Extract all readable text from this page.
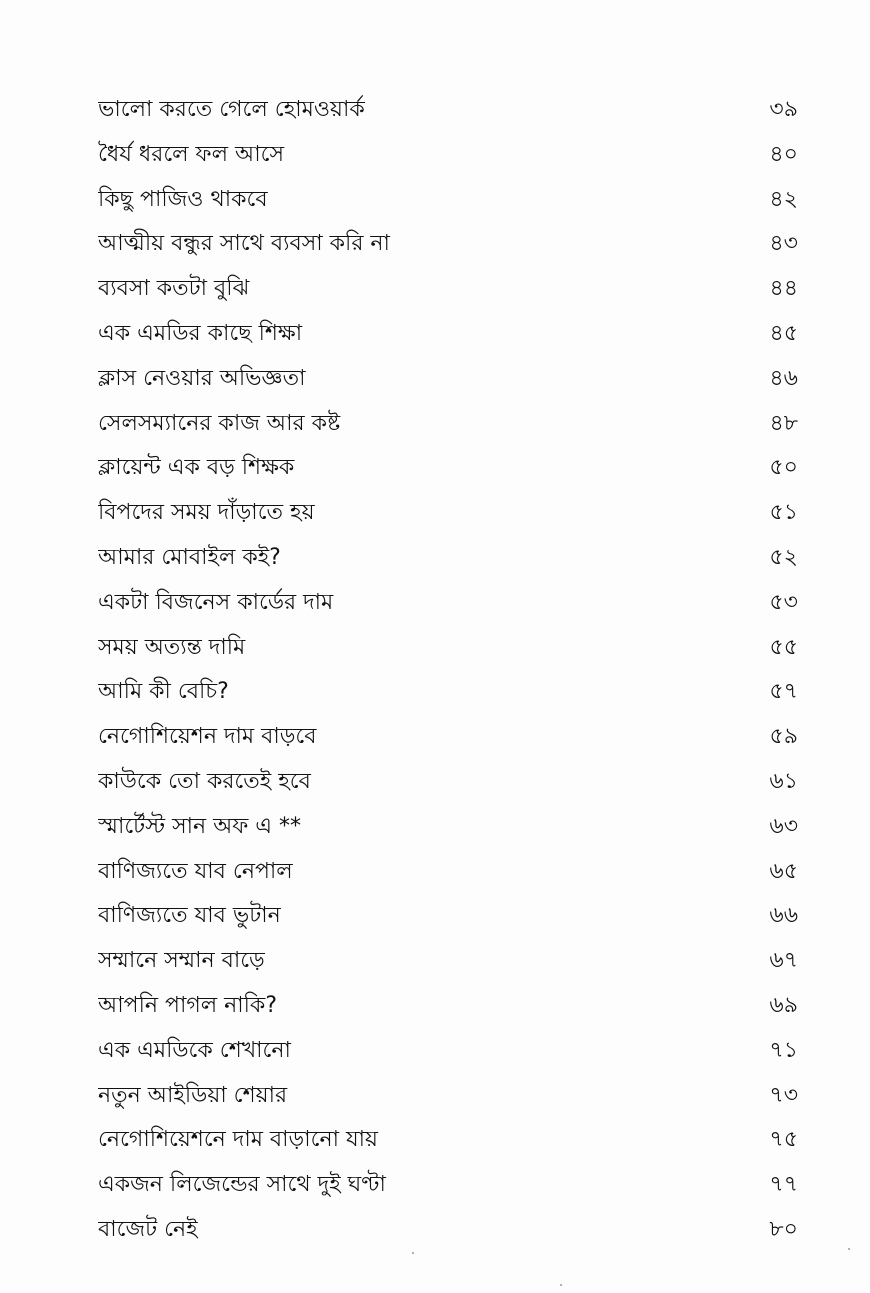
ভালো করতে গেলে হোমওয়ার্ক	৩৯
ধৈর্য ধরলে ফল আসে	৪০
কিছু পাজিও থাকবে	৪২
আত্মীয় বন্ধুর সাথে ব্যবসা করি না	৪৩
ব্যবসা কতটা বুঝি	৪৪
এক এমডির কাছে শিক্ষা	৪৫
ক্লাস নেওয়ার অভিজ্ঞতা	৪৬
সেলসম্যানের কাজ আর কষ্ট	৪৮
ক্লায়েন্ট এক বড় শিক্ষক	৫০
বিপদের সময় দাঁড়াতে হয়	৫১
আমার মোবাইল কই?	৫২
একটা বিজনেস কার্ডের দাম	৫৩
সময় অত্যন্ত দামি	৫৫
আমি কী বেচি?	৫৭
নেগোশিয়েশন দাম বাড়বে	৫৯
কাউকে তো করতেই হবে	৬১
স্মার্টেস্ট সান অফ এ **	৬৩
বাণিজ্যতে যাব নেপাল	৬৫
বাণিজ্যতে যাব ভুটান	৬৬
সম্মানে সম্মান বাড়ে	৬৭
আপনি পাগল নাকি?	৬৯
এক এমডিকে শেখানো	৭১
নতুন আইডিয়া শেয়ার	৭৩
নেগোশিয়েশনে দাম বাড়ানো যায়	৭৫
একজন লিজেন্ডের সাথে দুই ঘণ্টা	৭৭
বাজেট নেই	৮০
